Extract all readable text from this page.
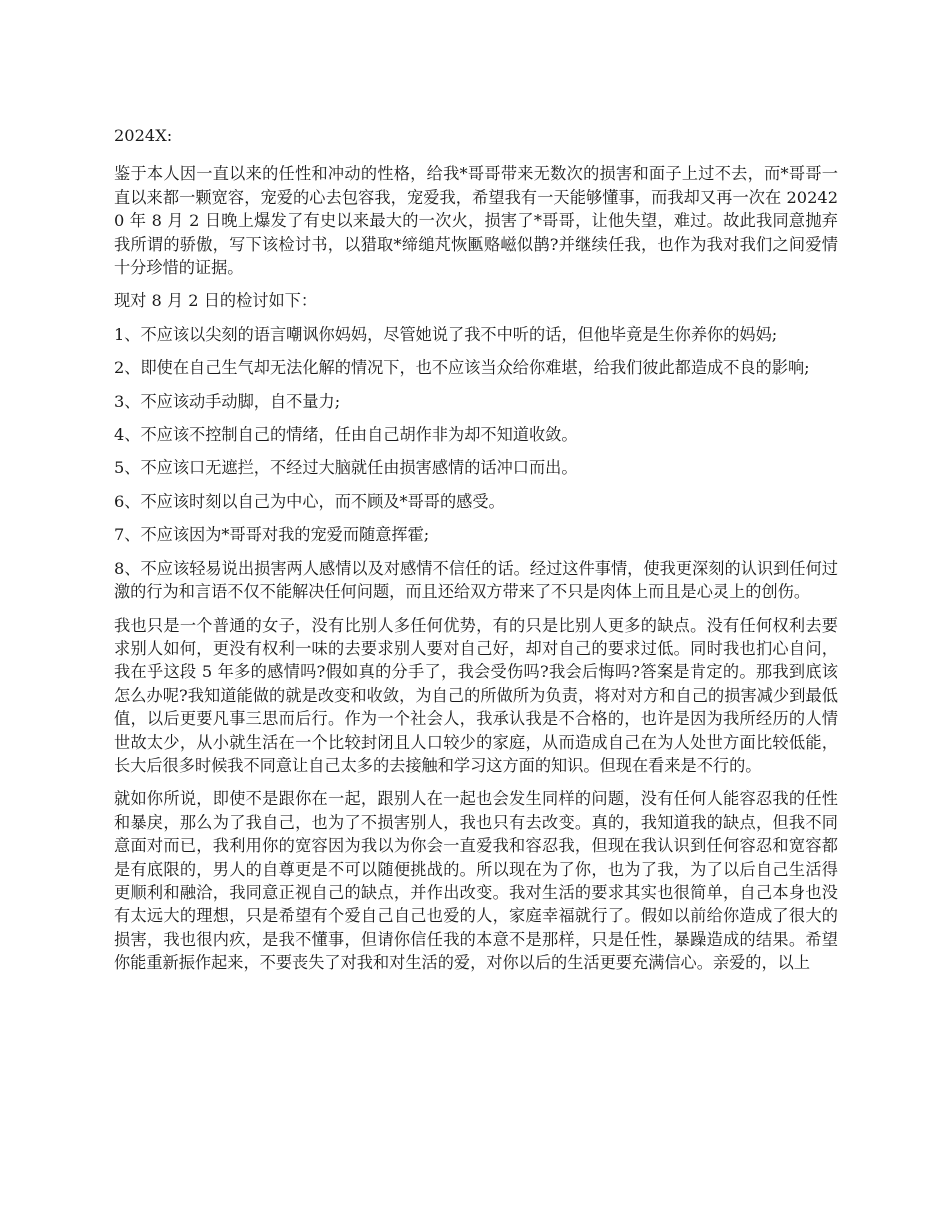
2024X:

鉴于本人因一直以来的任性和冲动的性格，给我*哥哥带来无数次的损害和面子上过不去，而*哥哥一直以来都一颗宽容，宠爱的心去包容我，宠爱我，希望我有一天能够懂事，而我却又再一次在 202420 年 8 月 2 日晚上爆发了有史以来最大的一次火，损害了*哥哥，让他失望，难过。故此我同意抛弃我所谓的骄傲，写下该检讨书，以猎取*缔缒芃恢匭赂嵫似鹊?并继续任我，也作为我对我们之间爱情十分珍惜的证据。

现对 8 月 2 日的检讨如下：

1、不应该以尖刻的语言嘲讽你妈妈，尽管她说了我不中听的话，但他毕竟是生你养你的妈妈;

2、即使在自己生气却无法化解的情况下，也不应该当众给你难堪，给我们彼此都造成不良的影响;

3、不应该动手动脚，自不量力;

4、不应该不控制自己的情绪，任由自己胡作非为却不知道收敛。

5、不应该口无遮拦，不经过大脑就任由损害感情的话冲口而出。

6、不应该时刻以自己为中心，而不顾及*哥哥的感受。

7、不应该因为*哥哥对我的宠爱而随意挥霍;

8、不应该轻易说出损害两人感情以及对感情不信任的话。经过这件事情，使我更深刻的认识到任何过激的行为和言语不仅不能解决任何问题，而且还给双方带来了不只是肉体上而且是心灵上的创伤。

我也只是一个普通的女子，没有比别人多任何优势，有的只是比别人更多的缺点。没有任何权利去要求别人如何，更没有权利一味的去要求别人要对自己好，却对自己的要求过低。同时我也扪心自问，我在乎这段 5 年多的感情吗?假如真的分手了，我会受伤吗?我会后悔吗?答案是肯定的。那我到底该怎么办呢?我知道能做的就是改变和收敛，为自己的所做所为负责，将对对方和自己的损害减少到最低值，以后更要凡事三思而后行。作为一个社会人，我承认我是不合格的，也许是因为我所经历的人情世故太少，从小就生活在一个比较封闭且人口较少的家庭，从而造成自己在为人处世方面比较低能，长大后很多时候我不同意让自己太多的去接触和学习这方面的知识。但现在看来是不行的。

就如你所说，即使不是跟你在一起，跟别人在一起也会发生同样的问题，没有任何人能容忍我的任性和暴戾，那么为了我自己，也为了不损害别人，我也只有去改变。真的，我知道我的缺点，但我不同意面对而已，我利用你的宽容因为我以为你会一直爱我和容忍我，但现在我认识到任何容忍和宽容都是有底限的，男人的自尊更是不可以随便挑战的。所以现在为了你，也为了我，为了以后自己生活得更顺利和融洽，我同意正视自己的缺点，并作出改变。我对生活的要求其实也很简单，自己本身也没有太远大的理想，只是希望有个爱自己自己也爱的人，家庭幸福就行了。假如以前给你造成了很大的损害，我也很内疚，是我不懂事，但请你信任我的本意不是那样，只是任性，暴躁造成的结果。希望你能重新振作起来，不要丧失了对我和对生活的爱，对你以后的生活更要充满信心。亲爱的，以上
